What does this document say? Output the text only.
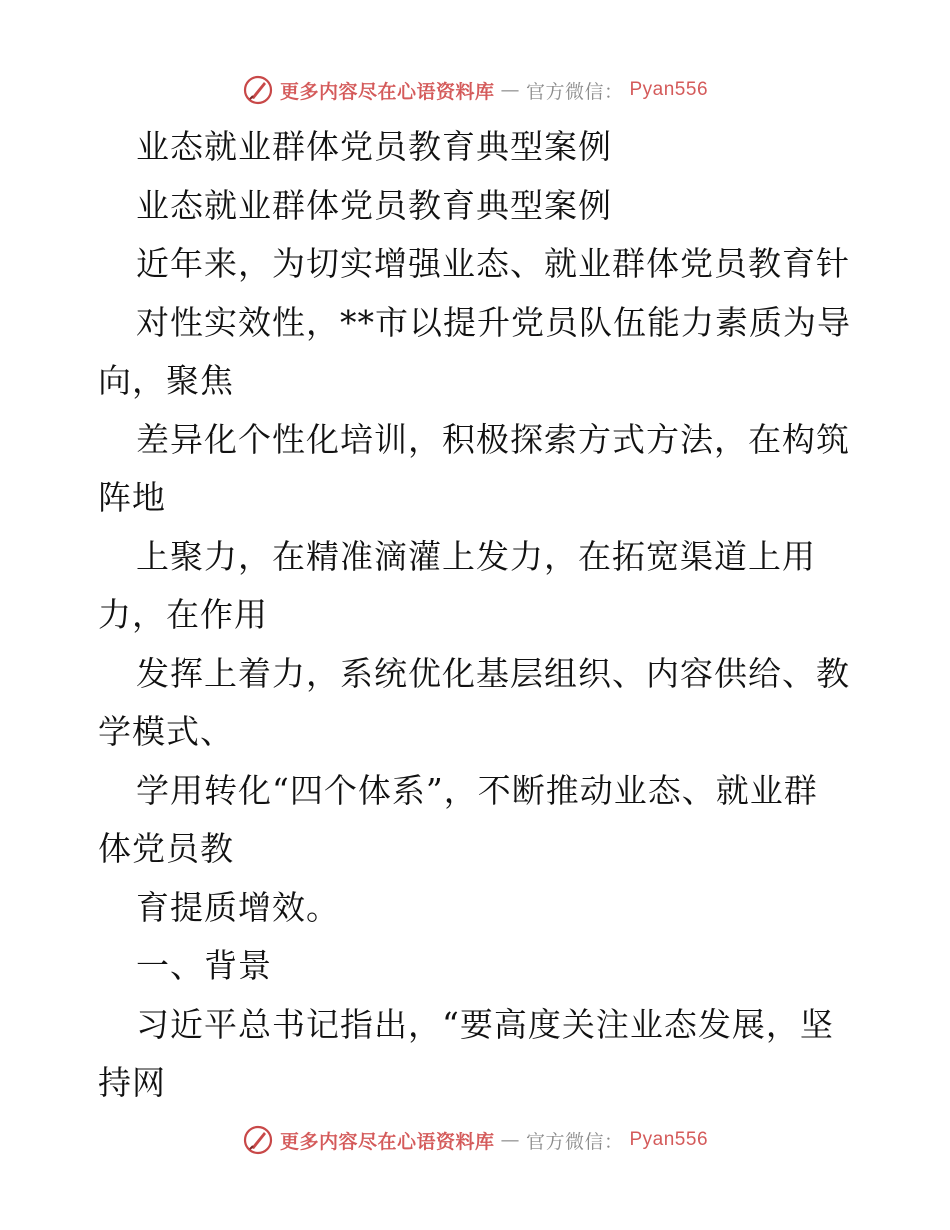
更多内容尽在心语资料库 — 官方微信： Pyan556
业态就业群体党员教育典型案例
业态就业群体党员教育典型案例
近年来，为切实增强业态、就业群体党员教育针
对性实效性，**市以提升党员队伍能力素质为导
向，聚焦
差异化个性化培训，积极探索方式方法，在构筑
阵地
上聚力，在精准滴灌上发力，在拓宽渠道上用
力，在作用
发挥上着力，系统优化基层组织、内容供给、教
学模式、
学用转化“四个体系”，不断推动业态、就业群
体党员教
育提质增效。
一、背景
习近平总书记指出，“要高度关注业态发展，坚
持网
更多内容尽在心语资料库 — 官方微信： Pyan556
